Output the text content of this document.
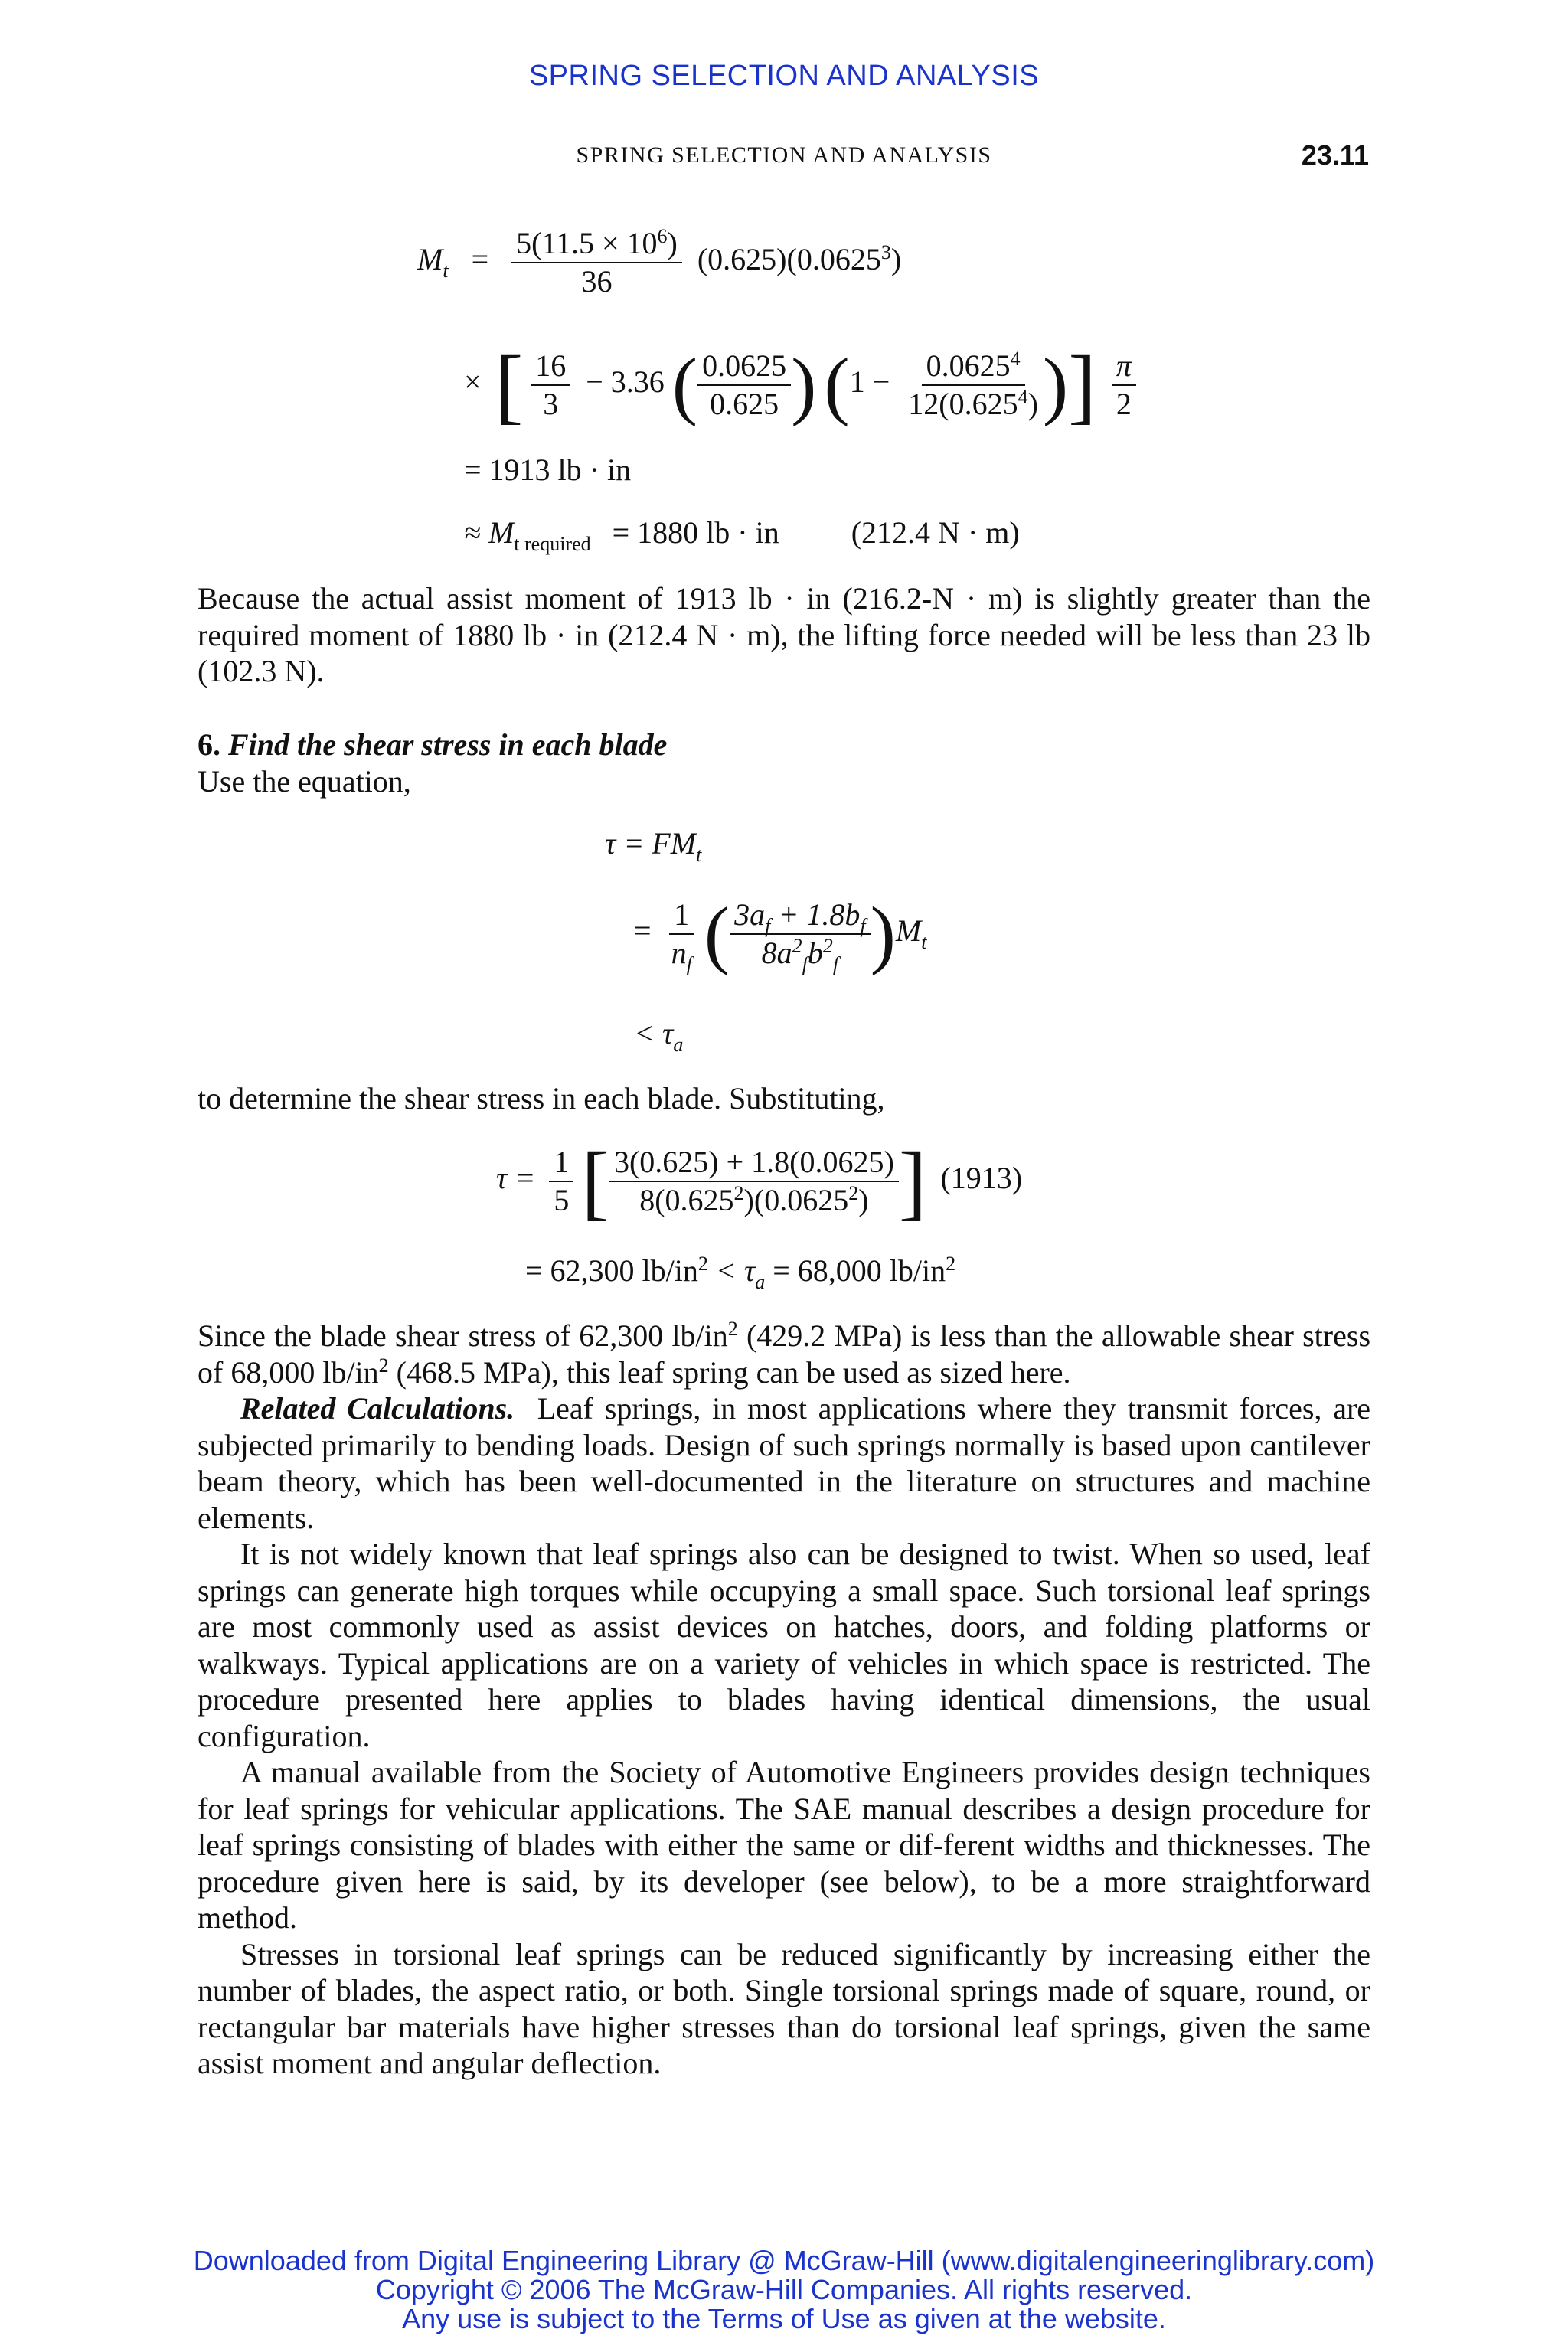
SPRING SELECTION AND ANALYSIS
SPRING SELECTION AND ANALYSIS	23.11
$M_t = \frac{5(11.5 \times 10^6)}{36} (0.625)(0.0625^3)$
× [ $\frac{16}{3} - 3.36$ ( $\frac{0.0625}{0.625}$ ) ($1 - \frac{0.0625^4}{12(0.625^4)}$ )] $\frac{\pi}{2}$
= 1913 lb · in
≈ $M_{t required} = 1880$ lb · in (212.4 N · m)

Because the actual assist moment of 1913 lb · in (216.2-N · m) is slightly greater than the required moment of 1880 lb · in (212.4 N · m), the lifting force needed will be less than 23 lb (102.3 N).

6. Find the shear stress in each blade

Use the equation,

$\tau = FM_t$
= $\frac{1}{n_f}$ ( $\frac{3a_f + 1.8b_f}{8a^2_fb^2_f} )M_t$
< $\tau_a$

to determine the shear stress in each blade. Substituting,

$\tau = \frac{1}{5}$ [ $\frac{3(0.625) + 1.8(0.0625)}{8(0.625^2)(0.0625^2)}$ ] (1913)
= 62,300 $lb/in^2 < \tau_a = 68,000$ $lb/in^2$

Since the blade shear stress of 62,300 $lb/in^2$ (429.2 MPa) is less than the allowable shear stress of 68,000 $lb/in^2$ (468.5 MPa), this leaf spring can be used as sized here.

Related Calculations. Leaf springs, in most applications where they transmit forces, are subjected primarily to bending loads. Design of such springs normally is based upon cantilever beam theory, which has been well-documented in the literature on structures and machine elements.

It is not widely known that leaf springs also can be designed to twist. When so used, leaf springs can generate high torques while occupying a small space. Such torsional leaf springs are most commonly used as assist devices on hatches, doors, and folding platforms or walkways. Typical applications are on a variety of vehicles in which space is restricted. The procedure presented here applies to blades having identical dimensions, the usual configuration.

A manual available from the Society of Automotive Engineers provides design techniques for leaf springs for vehicular applications. The SAE manual describes a design procedure for leaf springs consisting of blades with either the same or dif-ferent widths and thicknesses. The procedure given here is said, by its developer (see below), to be a more straightforward method.

Stresses in torsional leaf springs can be reduced significantly by increasing either the number of blades, the aspect ratio, or both. Single torsional springs made of square, round, or rectangular bar materials have higher stresses than do torsional leaf springs, given the same assist moment and angular deflection.

Downloaded from Digital Engineering Library @ McGraw-Hill (www.digitalengineeringlibrary.com)
Copyright © 2006 The McGraw-Hill Companies. All rights reserved.
Any use is subject to the Terms of Use as given at the website.
